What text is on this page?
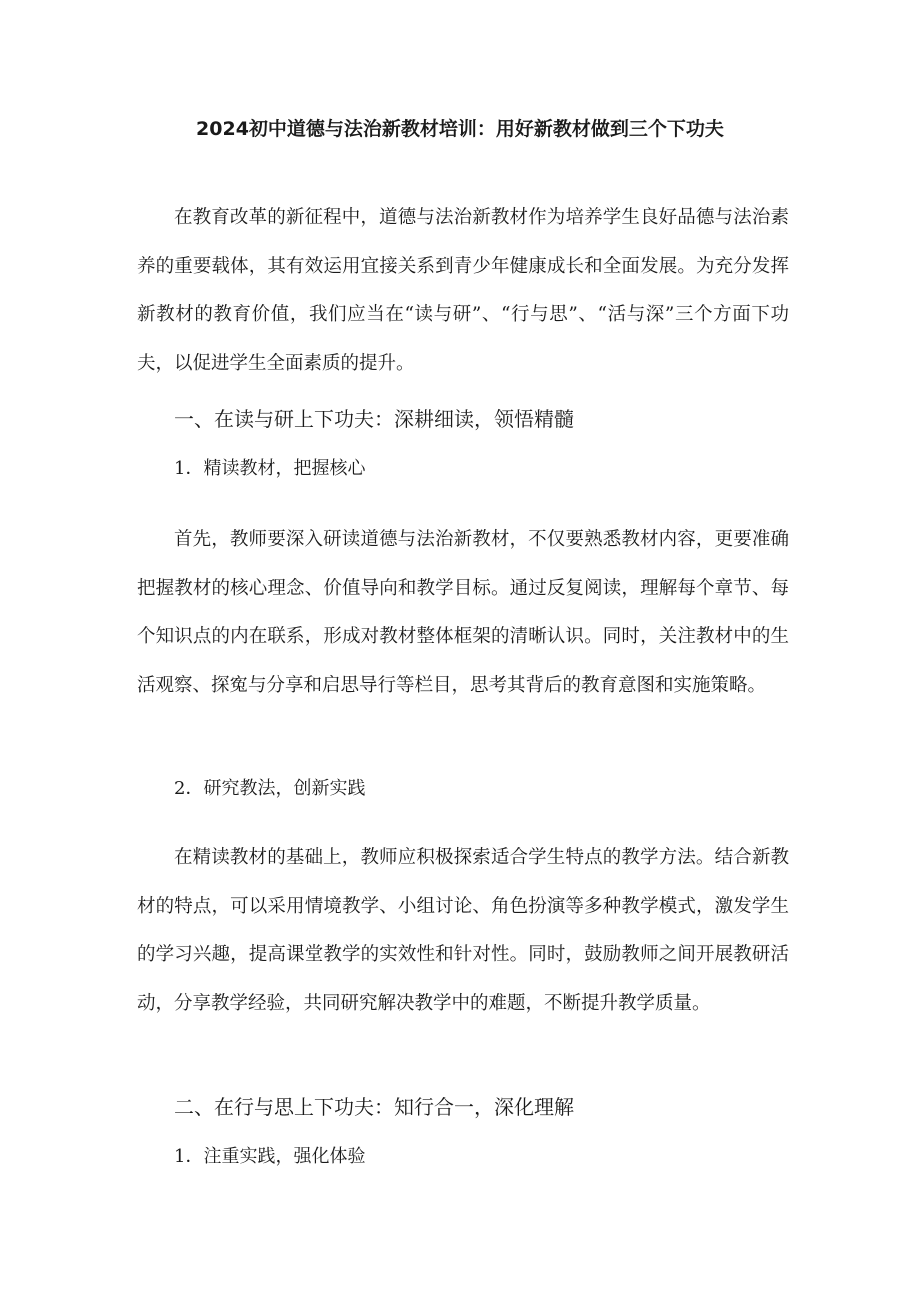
2024初中道德与法治新教材培训：用好新教材做到三个下功夫

在教育改革的新征程中，道德与法治新教材作为培养学生良好品德与法治素养的重要载体，其有效运用宜接关系到青少年健康成长和全面发展。为充分发挥新教材的教育价值，我们应当在“读与研”、“行与思”、“活与深”三个方面下功夫，以促进学生全面素质的提升。

一、在读与研上下功夫：深耕细读，领悟精髓
1．精读教材，把握核心

首先，教师要深入研读道德与法治新教材，不仅要熟悉教材内容，更要准确把握教材的核心理念、价值导向和教学目标。通过反复阅读，理解每个章节、每个知识点的内在联系，形成对教材整体框架的清晰认识。同时，关注教材中的生活观察、探寃与分享和启思导行等栏目，思考其背后的教育意图和实施策略。

2．研究教法，创新实践

在精读教材的基础上，教师应积极探索适合学生特点的教学方法。结合新教材的特点，可以采用情境教学、小组讨论、角色扮演等多种教学模式，激发学生的学习兴趣，提高课堂教学的实效性和针对性。同时，鼓励教师之间开展教研活动，分享教学经验，共同研究解决教学中的难题，不断提升教学质量。

二、在行与思上下功夫：知行合一，深化理解
1．注重实践，强化体验
